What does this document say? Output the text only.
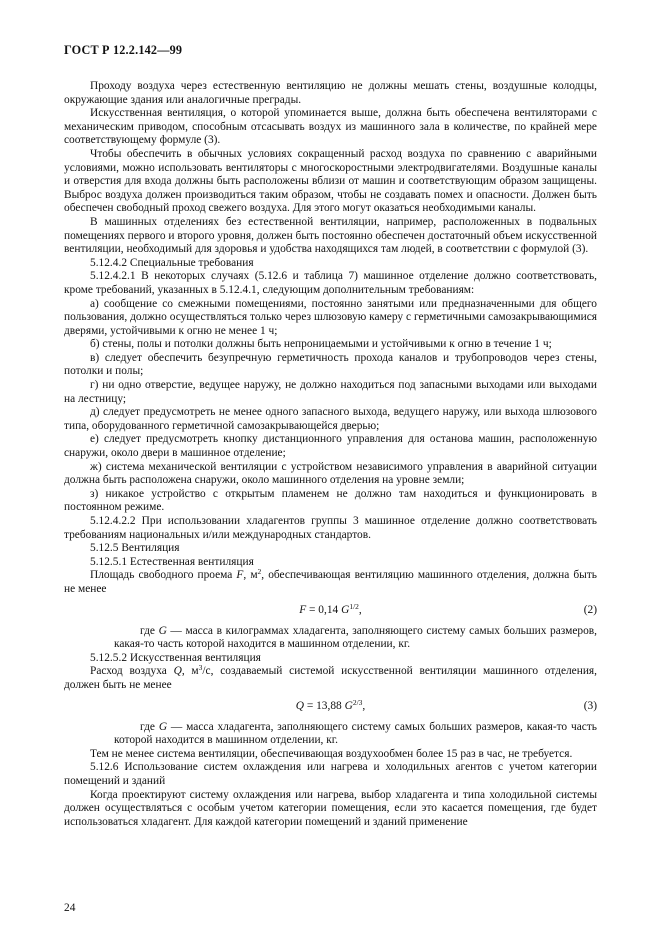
ГОСТ Р 12.2.142—99

Проходу воздуха через естественную вентиляцию не должны мешать стены, воздушные колодцы, окружающие здания или аналогичные преграды.

Искусственная вентиляция, о которой упоминается выше, должна быть обеспечена вентиляторами с механическим приводом, способным отсасывать воздух из машинного зала в количестве, по крайней мере соответствующему формуле (3).

Чтобы обеспечить в обычных условиях сокращенный расход воздуха по сравнению с аварийными условиями, можно использовать вентиляторы с многоскоростными электродвигателями. Воздушные каналы и отверстия для входа должны быть расположены вблизи от машин и соответствующим образом защищены. Выброс воздуха должен производиться таким образом, чтобы не создавать помех и опасности. Должен быть обеспечен свободный проход свежего воздуха. Для этого могут оказаться необходимыми каналы.

В машинных отделениях без естественной вентиляции, например, расположенных в подвальных помещениях первого и второго уровня, должен быть постоянно обеспечен достаточный объем искусственной вентиляции, необходимый для здоровья и удобства находящихся там людей, в соответствии с формулой (3).

5.12.4.2 Специальные требования

5.12.4.2.1 В некоторых случаях (5.12.6 и таблица 7) машинное отделение должно соответствовать, кроме требований, указанных в 5.12.4.1, следующим дополнительным требованиям:

а) сообщение со смежными помещениями, постоянно занятыми или предназначенными для общего пользования, должно осуществляться только через шлюзовую камеру с герметичными самозакрывающимися дверями, устойчивыми к огню не менее 1 ч;

б) стены, полы и потолки должны быть непроницаемыми и устойчивыми к огню в течение 1 ч;

в) следует обеспечить безупречную герметичность прохода каналов и трубопроводов через стены, потолки и полы;

г) ни одно отверстие, ведущее наружу, не должно находиться под запасными выходами или выходами на лестницу;

д) следует предусмотреть не менее одного запасного выхода, ведущего наружу, или выхода шлюзового типа, оборудованного герметичной самозакрывающейся дверью;

е) следует предусмотреть кнопку дистанционного управления для останова машин, расположенную снаружи, около двери в машинное отделение;

ж) система механической вентиляции с устройством независимого управления в аварийной ситуации должна быть расположена снаружи, около машинного отделения на уровне земли;

з) никакое устройство с открытым пламенем не должно там находиться и функционировать в постоянном режиме.

5.12.4.2.2 При использовании хладагентов группы 3 машинное отделение должно соответствовать требованиям национальных и/или международных стандартов.

5.12.5 Вентиляция

5.12.5.1 Естественная вентиляция

Площадь свободного проема F, $м^2$, обеспечивающая вентиляцию машинного отделения, должна быть не менее

F = 0,14 $G^{1/2}$,	(2)

где G — масса в килограммах хладагента, заполняющего систему самых больших размеров, какая-то часть которой находится в машинном отделении, кг.

5.12.5.2 Искусственная вентиляция

Расход воздуха Q, $м^3/с$, создаваемый системой искусственной вентиляции машинного отделения, должен быть не менее

Q = 13,88 $G^{2/3}$,	(3)

где G — масса хладагента, заполняющего систему самых больших размеров, какая-то часть которой находится в машинном отделении, кг.

Тем не менее система вентиляции, обеспечивающая воздухообмен более 15 раз в час, не требуется.

5.12.6 Использование систем охлаждения или нагрева и холодильных агентов с учетом категории помещений и зданий

Когда проектируют систему охлаждения или нагрева, выбор хладагента и типа холодильной системы должен осуществляться с особым учетом категории помещения, если это касается помещения, где будет использоваться хладагент. Для каждой категории помещений и зданий применение

24
